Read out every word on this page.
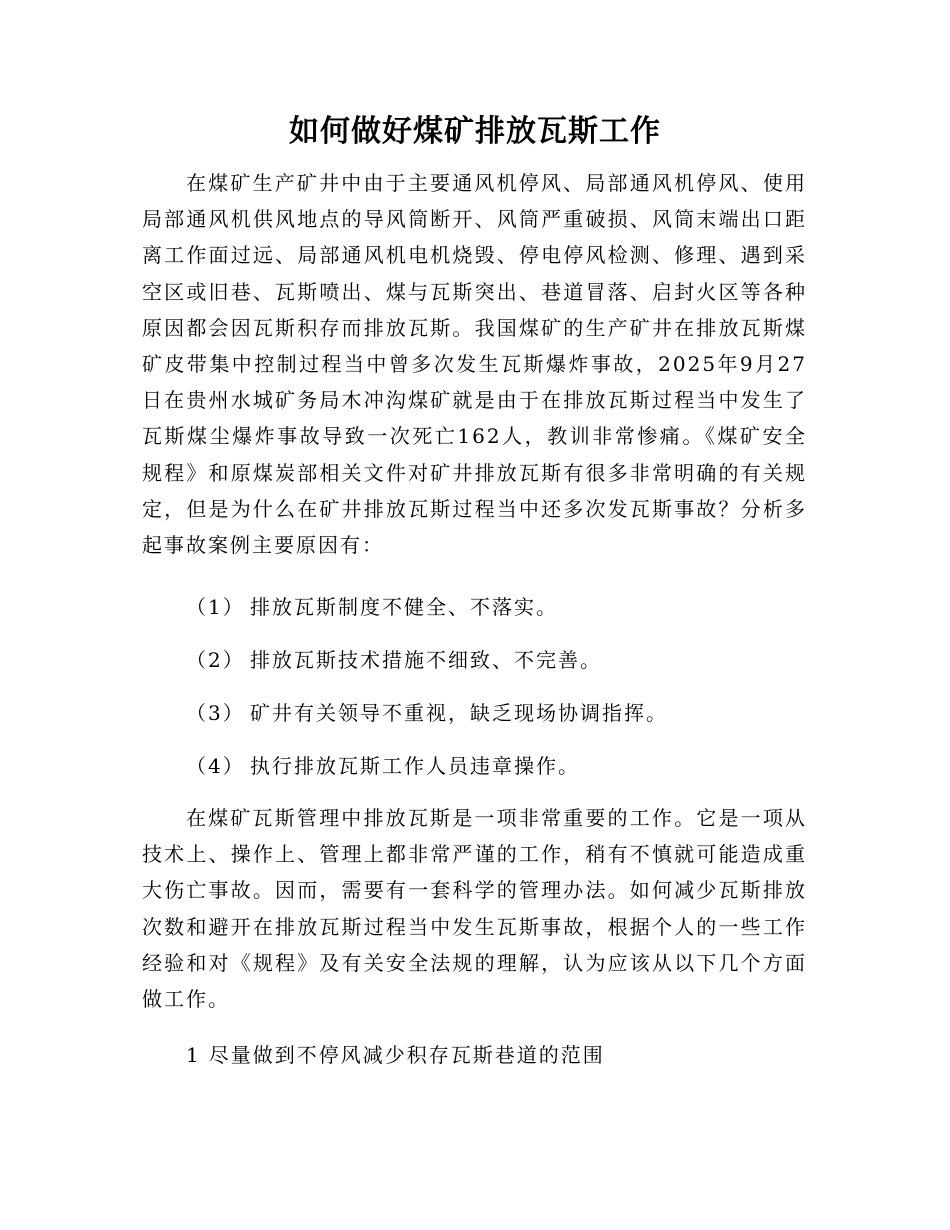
如何做好煤矿排放瓦斯工作

在煤矿生产矿井中由于主要通风机停风、局部通风机停风、使用局部通风机供风地点的导风筒断开、风筒严重破损、风筒末端出口距离工作面过远、局部通风机电机烧毁、停电停风检测、修理、遇到采空区或旧巷、瓦斯喷出、煤与瓦斯突出、巷道冒落、启封火区等各种原因都会因瓦斯积存而排放瓦斯。我国煤矿的生产矿井在排放瓦斯煤矿皮带集中控制过程当中曾多次发生瓦斯爆炸事故，2025年9月27日在贵州水城矿务局木冲沟煤矿就是由于在排放瓦斯过程当中发生了瓦斯煤尘爆炸事故导致一次死亡162人，教训非常惨痛。《煤矿安全规程》和原煤炭部相关文件对矿井排放瓦斯有很多非常明确的有关规定，但是为什么在矿井排放瓦斯过程当中还多次发瓦斯事故？分析多起事故案例主要原因有：

（1） 排放瓦斯制度不健全、不落实。
（2） 排放瓦斯技术措施不细致、不完善。
（3） 矿井有关领导不重视，缺乏现场协调指挥。
（4） 执行排放瓦斯工作人员违章操作。

在煤矿瓦斯管理中排放瓦斯是一项非常重要的工作。它是一项从技术上、操作上、管理上都非常严谨的工作，稍有不慎就可能造成重大伤亡事故。因而，需要有一套科学的管理办法。如何减少瓦斯排放次数和避开在排放瓦斯过程当中发生瓦斯事故，根据个人的一些工作经验和对《规程》及有关安全法规的理解，认为应该从以下几个方面做工作。

1 尽量做到不停风减少积存瓦斯巷道的范围
